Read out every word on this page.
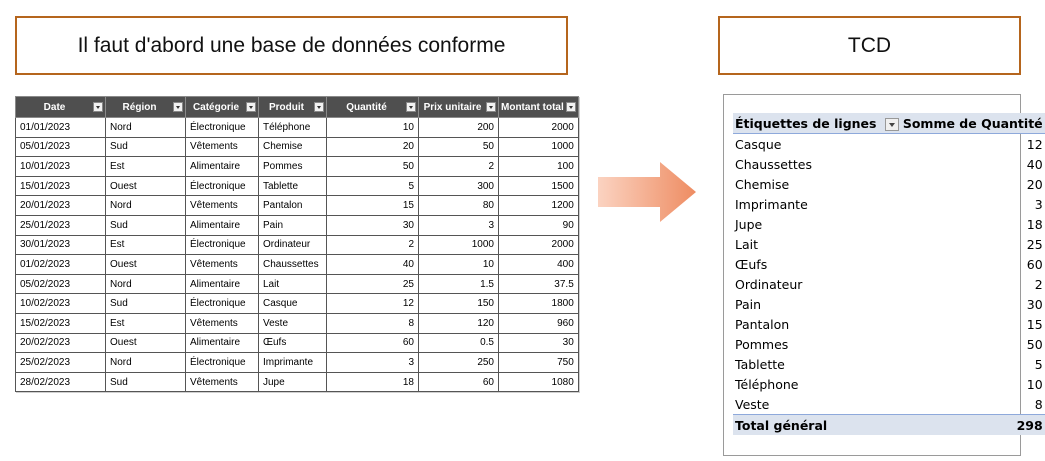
Il faut d'abord une base de données conforme	TCD
Date	Région	Catégorie	Produit	Quantité	Prix unitaire	Montant total

01/01/2023	Nord	Électronique	Téléphone	10	200	2000
05/01/2023	Sud	Vêtements	Chemise	20	50	1000
10/01/2023	Est	Alimentaire	Pommes	50	2	100
15/01/2023	Ouest	Électronique	Tablette	5	300	1500
20/01/2023	Nord	Vêtements	Pantalon	15	80	1200
25/01/2023	Sud	Alimentaire	Pain	30	3	90
30/01/2023	Est	Électronique	Ordinateur	2	1000	2000
01/02/2023	Ouest	Vêtements	Chaussettes	40	10	400
05/02/2023	Nord	Alimentaire	Lait	25	1.5	37.5
10/02/2023	Sud	Électronique	Casque	12	150	1800
15/02/2023	Est	Vêtements	Veste	8	120	960
20/02/2023	Ouest	Alimentaire	Œufs	60	0.5	30
25/02/2023	Nord	Électronique	Imprimante	3	250	750
28/02/2023	Sud	Vêtements	Jupe	18	60	1080
Étiquettes de lignes	Somme de Quantité
Casque	12
Chaussettes	40
Chemise	20
Imprimante	3
Jupe	18
Lait	25
Œufs	60
Ordinateur	2
Pain	30
Pantalon	15
Pommes	50
Tablette	5
Téléphone	10
Veste	8
Total général	298
